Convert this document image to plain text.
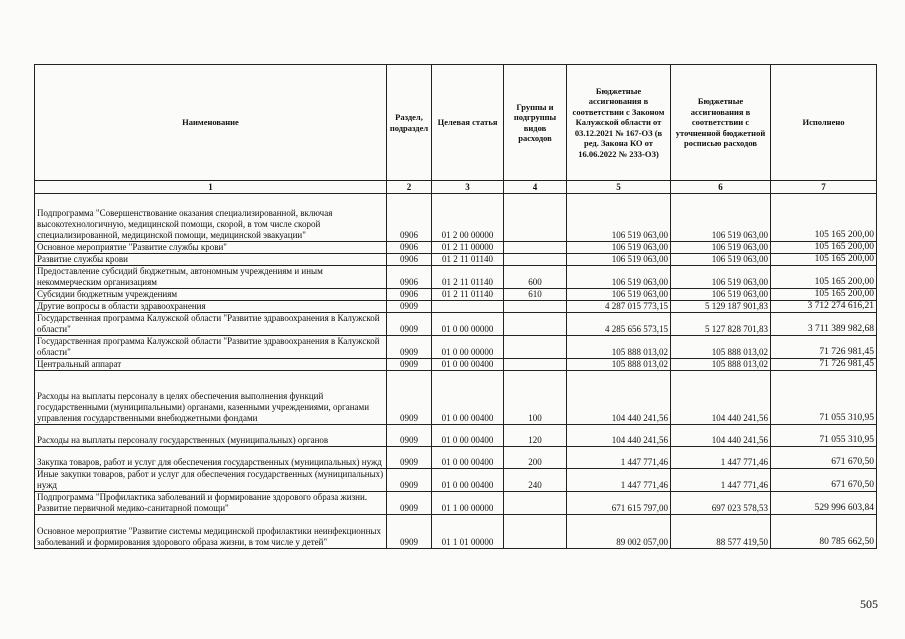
Наименование	Раздел, подраздел	Целевая статья	Группы и подгруппы видов расходов	Бюджетные ассигнования в соответствии с Законом Калужской области от 03.12.2021 № 167-ОЗ (в ред. Закона КО от 16.06.2022 № 233-ОЗ)	Бюджетные ассигнования в соответствии с уточненной бюджетной росписью расходов	Исполнено
1	2	3	4	5	6	7
Подпрограмма "Совершенствование оказания специализированной, включая высокотехнологичную, медицинской помощи, скорой, в том числе скорой специализированной, медицинской помощи, медицинской эвакуации"	0906	01 2 00 00000		106 519 063,00	106 519 063,00	105 165 200,00
Основное мероприятие "Развитие службы крови"	0906	01 2 11 00000		106 519 063,00	106 519 063,00	105 165 200,00
Развитие службы крови	0906	01 2 11 01140		106 519 063,00	106 519 063,00	105 165 200,00
Предоставление субсидий бюджетным, автономным учреждениям и иным некоммерческим организациям	0906	01 2 11 01140	600	106 519 063,00	106 519 063,00	105 165 200,00
Субсидии бюджетным учреждениям	0906	01 2 11 01140	610	106 519 063,00	106 519 063,00	105 165 200,00
Другие вопросы в области здравоохранения	0909			4 287 015 773,15	5 129 187 901,83	3 712 274 616,21
Государственная программа Калужской области "Развитие здравоохранения в Калужской области"	0909	01 0 00 00000		4 285 656 573,15	5 127 828 701,83	3 711 389 982,68
Государственная программа Калужской области "Развитие здравоохранения в Калужской области"	0909	01 0 00 00000		105 888 013,02	105 888 013,02	71 726 981,45
Центральный аппарат	0909	01 0 00 00400		105 888 013,02	105 888 013,02	71 726 981,45
Расходы на выплаты персоналу в целях обеспечения выполнения функций государственными (муниципальными) органами, казенными учреждениями, органами управления государственными внебюджетными фондами	0909	01 0 00 00400	100	104 440 241,56	104 440 241,56	71 055 310,95
Расходы на выплаты персоналу государственных (муниципальных) органов	0909	01 0 00 00400	120	104 440 241,56	104 440 241,56	71 055 310,95
Закупка товаров, работ и услуг для обеспечения государственных (муниципальных) нужд	0909	01 0 00 00400	200	1 447 771,46	1 447 771,46	671 670,50
Иные закупки товаров, работ и услуг для обеспечения государственных (муниципальных) нужд	0909	01 0 00 00400	240	1 447 771,46	1 447 771,46	671 670,50
Подпрограмма "Профилактика заболеваний и формирование здорового образа жизни. Развитие первичной медико-санитарной помощи"	0909	01 1 00 00000		671 615 797,00	697 023 578,53	529 996 603,84
Основное мероприятие "Развитие системы медицинской профилактики неинфекционных заболеваний и формирования здорового образа жизни, в том числе у детей"	0909	01 1 01 00000		89 002 057,00	88 577 419,50	80 785 662,50
505
